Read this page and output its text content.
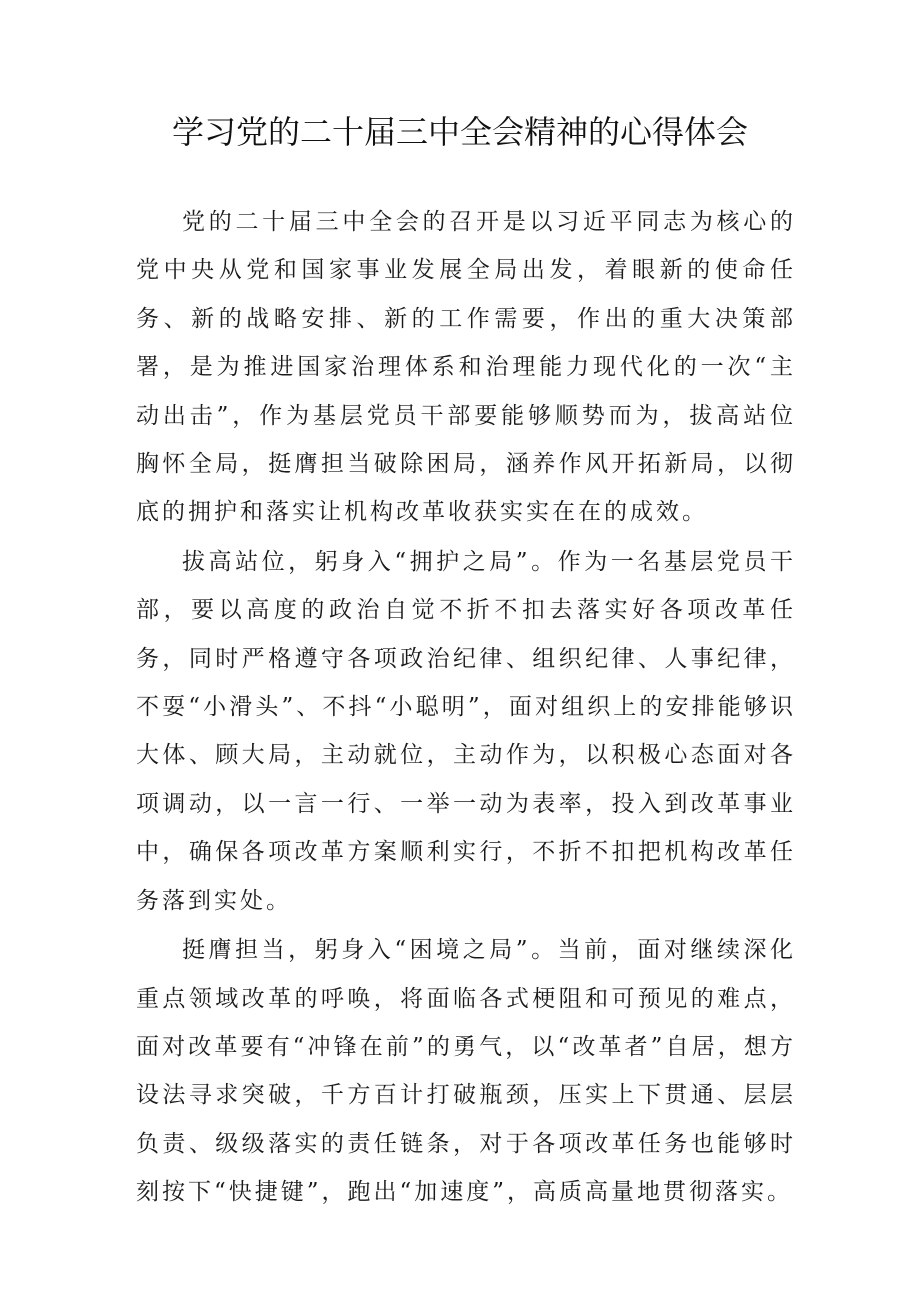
学习党的二十届三中全会精神的心得体会

党的二十届三中全会的召开是以习近平同志为核心的党中央从党和国家事业发展全局出发，着眼新的使命任务、新的战略安排、新的工作需要，作出的重大决策部署，是为推进国家治理体系和治理能力现代化的一次“主动出击”，作为基层党员干部要能够顺势而为，拔高站位胸怀全局，挺膺担当破除困局，涵养作风开拓新局，以彻底的拥护和落实让机构改革收获实实在在的成效。

拔高站位，躬身入“拥护之局”。作为一名基层党员干部，要以高度的政治自觉不折不扣去落实好各项改革任务，同时严格遵守各项政治纪律、组织纪律、人事纪律，不耍“小滑头”、不抖“小聪明”，面对组织上的安排能够识大体、顾大局，主动就位，主动作为，以积极心态面对各项调动，以一言一行、一举一动为表率，投入到改革事业中，确保各项改革方案顺利实行，不折不扣把机构改革任务落到实处。

挺膺担当，躬身入“困境之局”。当前，面对继续深化重点领域改革的呼唤，将面临各式梗阻和可预见的难点，面对改革要有“冲锋在前”的勇气，以“改革者”自居，想方设法寻求突破，千方百计打破瓶颈，压实上下贯通、层层负责、级级落实的责任链条，对于各项改革任务也能够时刻按下“快捷键”，跑出“加速度”，高质高量地贯彻落实。
